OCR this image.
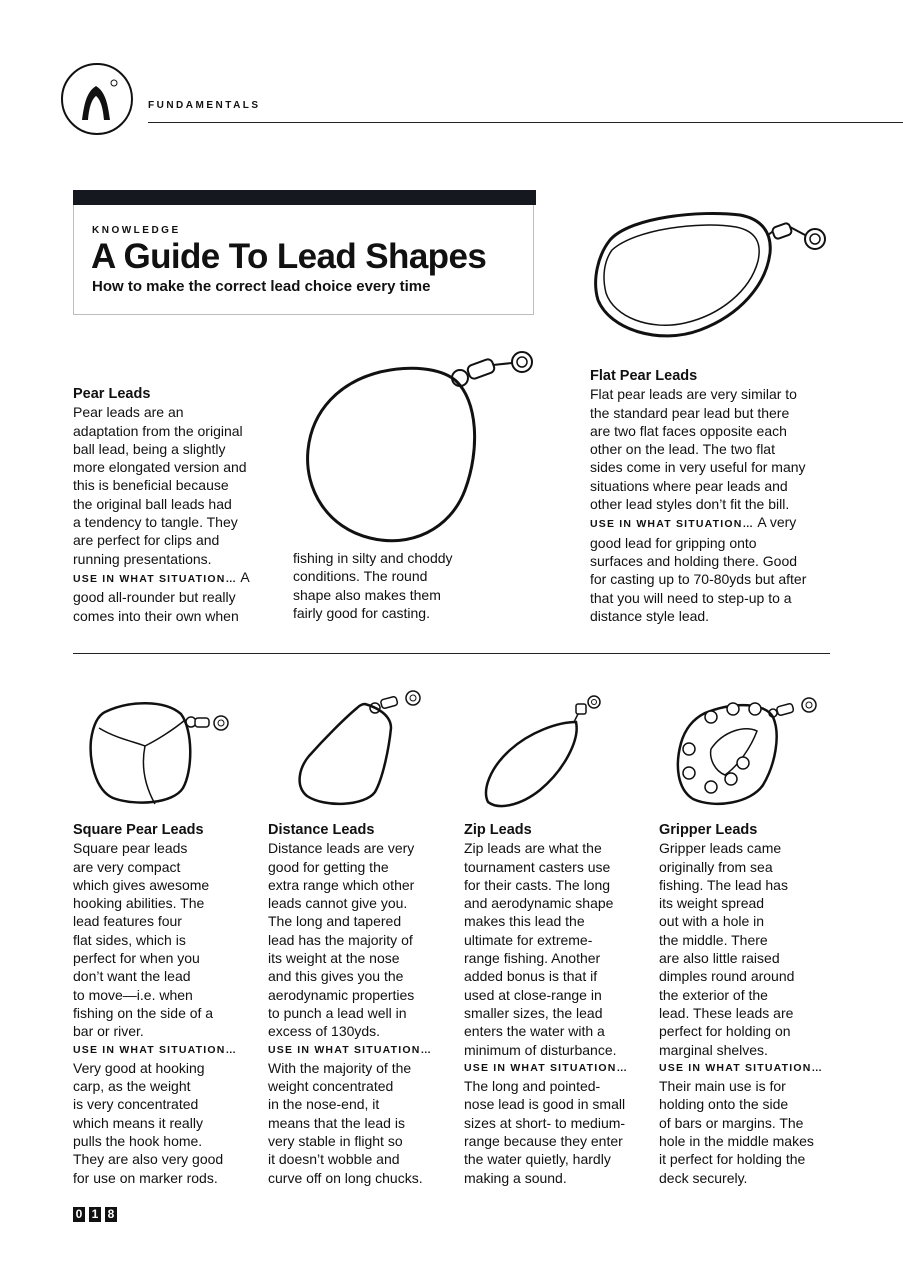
FUNDAMENTALS
KNOWLEDGE
A Guide To Lead Shapes
How to make the correct lead choice every time

Flat Pear Leads

Flat pear leads are very similar to

the standard pear lead but there

are two flat faces opposite each

other on the lead. The two flat

sides come in very useful for many

situations where pear leads and

other lead styles don’t fit the bill.

USE IN WHAT SITUATION… A very

good lead for gripping onto

surfaces and holding there. Good

for casting up to 70-80yds but after

that you will need to step-up to a

distance style lead.

Pear Leads

Pear leads are an

adaptation from the original

ball lead, being a slightly

more elongated version and

this is beneficial because

the original ball leads had

a tendency to tangle. They

are perfect for clips and

running presentations.

USE IN WHAT SITUATION… A

good all-rounder but really

comes into their own when

fishing in silty and choddy

conditions. The round

shape also makes them

fairly good for casting.

Square Pear Leads

Square pear leads

are very compact

which gives awesome

hooking abilities. The

lead features four

flat sides, which is

perfect for when you

don’t want the lead

to move—i.e. when

fishing on the side of a

bar or river.

USE IN WHAT SITUATION…

Very good at hooking

carp, as the weight

is very concentrated

which means it really

pulls the hook home.

They are also very good

for use on marker rods.

Distance Leads

Distance leads are very

good for getting the

extra range which other

leads cannot give you.

The long and tapered

lead has the majority of

its weight at the nose

and this gives you the

aerodynamic properties

to punch a lead well in

excess of 130yds.

USE IN WHAT SITUATION…

With the majority of the

weight concentrated

in the nose-end, it

means that the lead is

very stable in flight so

it doesn’t wobble and

curve off on long chucks.

Zip Leads

Zip leads are what the

tournament casters use

for their casts. The long

and aerodynamic shape

makes this lead the

ultimate for extreme-

range fishing. Another

added bonus is that if

used at close-range in

smaller sizes, the lead

enters the water with a

minimum of disturbance.

USE IN WHAT SITUATION…

The long and pointed-

nose lead is good in small

sizes at short- to medium-

range because they enter

the water quietly, hardly

making a sound.

Gripper Leads

Gripper leads came

originally from sea

fishing. The lead has

its weight spread

out with a hole in

the middle. There

are also little raised

dimples round around

the exterior of the

lead. These leads are

perfect for holding on

marginal shelves.

USE IN WHAT SITUATION…

Their main use is for

holding onto the side

of bars or margins. The

hole in the middle makes

it perfect for holding the

deck securely.

0 1 8
